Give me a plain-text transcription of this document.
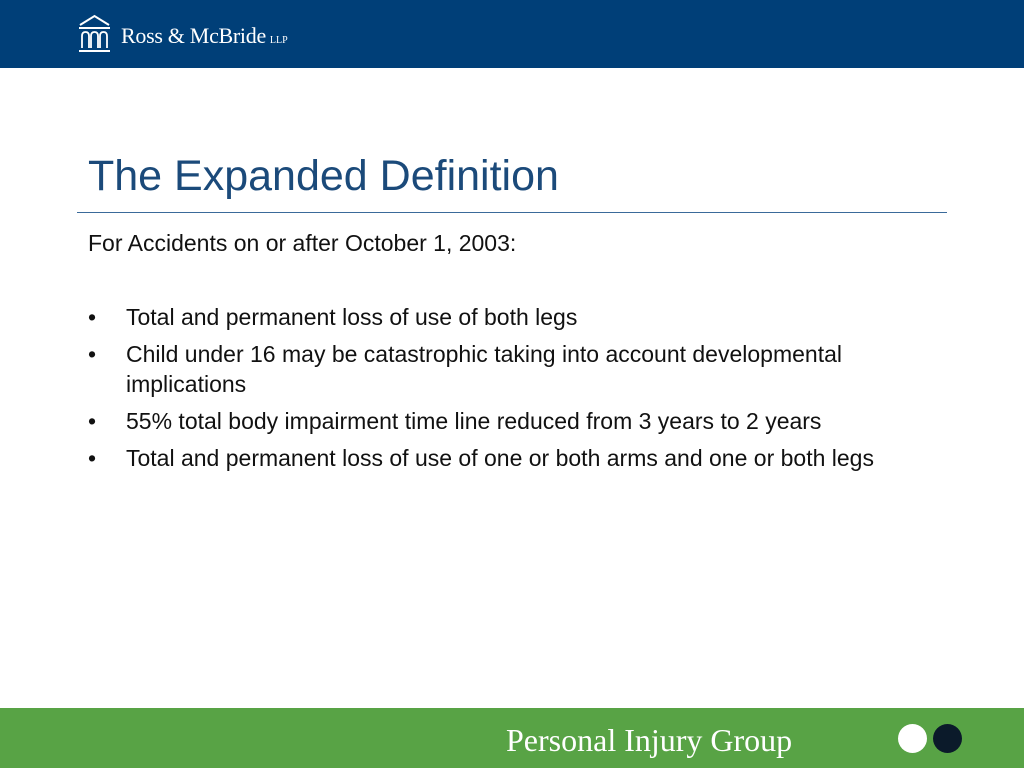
Ross & McBride LLP
The Expanded Definition

For Accidents on or after October 1, 2003:

• Total and permanent loss of use of both legs
• Child under 16 may be catastrophic taking into account developmental implications
• 55% total body impairment time line reduced from 3 years to 2 years
• Total and permanent loss of use of one or both arms and one or both legs
Personal Injury Group
